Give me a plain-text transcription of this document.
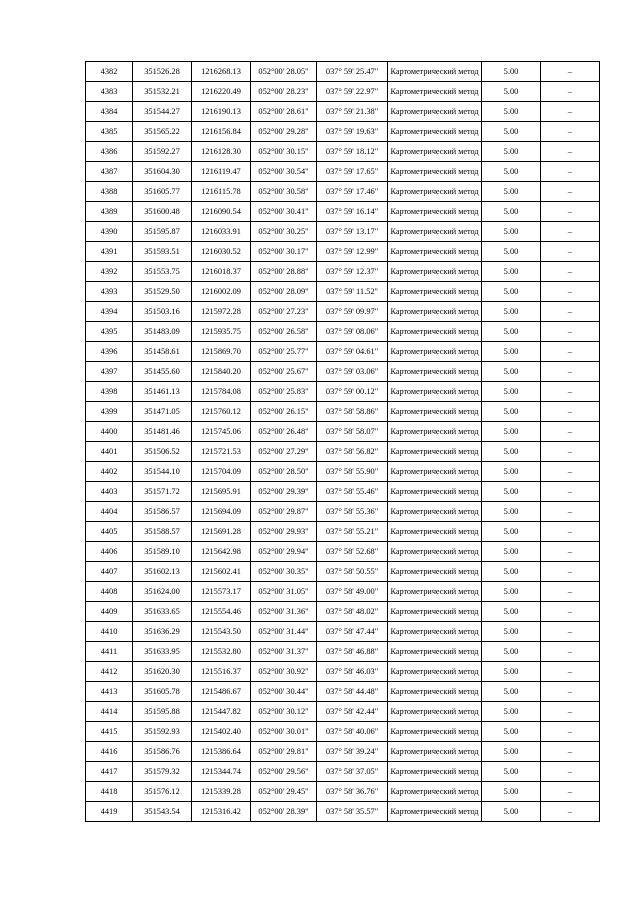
4382	351526.28	1216268.13	052°00' 28.05"	037° 59' 25.47"	Картометрический метод	5.00	–
4383	351532.21	1216220.49	052°00' 28.23"	037° 59' 22.97"	Картометрический метод	5.00	–
4384	351544.27	1216190.13	052°00' 28.61"	037° 59' 21.38"	Картометрический метод	5.00	–
4385	351565.22	1216156.84	052°00' 29.28"	037° 59' 19.63"	Картометрический метод	5.00	–
4386	351592.27	1216128.30	052°00' 30.15"	037° 59' 18.12"	Картометрический метод	5.00	–
4387	351604.30	1216119.47	052°00' 30.54"	037° 59' 17.65"	Картометрический метод	5.00	–
4388	351605.77	1216115.78	052°00' 30.58"	037° 59' 17.46"	Картометрический метод	5.00	–
4389	351600.48	1216090.54	052°00' 30.41"	037° 59' 16.14"	Картометрический метод	5.00	–
4390	351595.87	1216033.91	052°00' 30.25"	037° 59' 13.17"	Картометрический метод	5.00	–
4391	351593.51	1216030.52	052°00' 30.17"	037° 59' 12.99"	Картометрический метод	5.00	–
4392	351553.75	1216018.37	052°00' 28.88"	037° 59' 12.37"	Картометрический метод	5.00	–
4393	351529.50	1216002.09	052°00' 28.09"	037° 59' 11.52"	Картометрический метод	5.00	–
4394	351503.16	1215972.28	052°00' 27.23"	037° 59' 09.97"	Картометрический метод	5.00	–
4395	351483.09	1215935.75	052°00' 26.58"	037° 59' 08.06"	Картометрический метод	5.00	–
4396	351458.61	1215869.70	052°00' 25.77"	037° 59' 04.61"	Картометрический метод	5.00	–
4397	351455.60	1215840.20	052°00' 25.67"	037° 59' 03.06"	Картометрический метод	5.00	–
4398	351461.13	1215784.08	052°00' 25.83"	037° 59' 00.12"	Картометрический метод	5.00	–
4399	351471.05	1215760.12	052°00' 26.15"	037° 58' 58.86"	Картометрический метод	5.00	–
4400	351481.46	1215745.06	052°00' 26.48"	037° 58' 58.07"	Картометрический метод	5.00	–
4401	351506.52	1215721.53	052°00' 27.29"	037° 58' 56.82"	Картометрический метод	5.00	–
4402	351544.10	1215704.09	052°00' 28.50"	037° 58' 55.90"	Картометрический метод	5.00	–
4403	351571.72	1215695.91	052°00' 29.39"	037° 58' 55.46"	Картометрический метод	5.00	–
4404	351586.57	1215694.09	052°00' 29.87"	037° 58' 55.36"	Картометрический метод	5.00	–
4405	351588.57	1215691.28	052°00' 29.93"	037° 58' 55.21"	Картометрический метод	5.00	–
4406	351589.10	1215642.98	052°00' 29.94"	037° 58' 52.68"	Картометрический метод	5.00	–
4407	351602.13	1215602.41	052°00' 30.35"	037° 58' 50.55"	Картометрический метод	5.00	–
4408	351624.00	1215573.17	052°00' 31.05"	037° 58' 49.00"	Картометрический метод	5.00	–
4409	351633.65	1215554.46	052°00' 31.36"	037° 58' 48.02"	Картометрический метод	5.00	–
4410	351636.29	1215543.50	052°00' 31.44"	037° 58' 47.44"	Картометрический метод	5.00	–
4411	351633.95	1215532.80	052°00' 31.37"	037° 58' 46.88"	Картометрический метод	5.00	–
4412	351620.30	1215516.37	052°00' 30.92"	037° 58' 46.03"	Картометрический метод	5.00	–
4413	351605.78	1215486.67	052°00' 30.44"	037° 58' 44.48"	Картометрический метод	5.00	–
4414	351595.88	1215447.82	052°00' 30.12"	037° 58' 42.44"	Картометрический метод	5.00	–
4415	351592.93	1215402.40	052°00' 30.01"	037° 58' 40.06"	Картометрический метод	5.00	–
4416	351586.76	1215386.64	052°00' 29.81"	037° 58' 39.24"	Картометрический метод	5.00	–
4417	351579.32	1215344.74	052°00' 29.56"	037° 58' 37.05"	Картометрический метод	5.00	–
4418	351576.12	1215339.28	052°00' 29.45"	037° 58' 36.76"	Картометрический метод	5.00	–
4419	351543.54	1215316.42	052°00' 28.39"	037° 58' 35.57"	Картометрический метод	5.00	–
